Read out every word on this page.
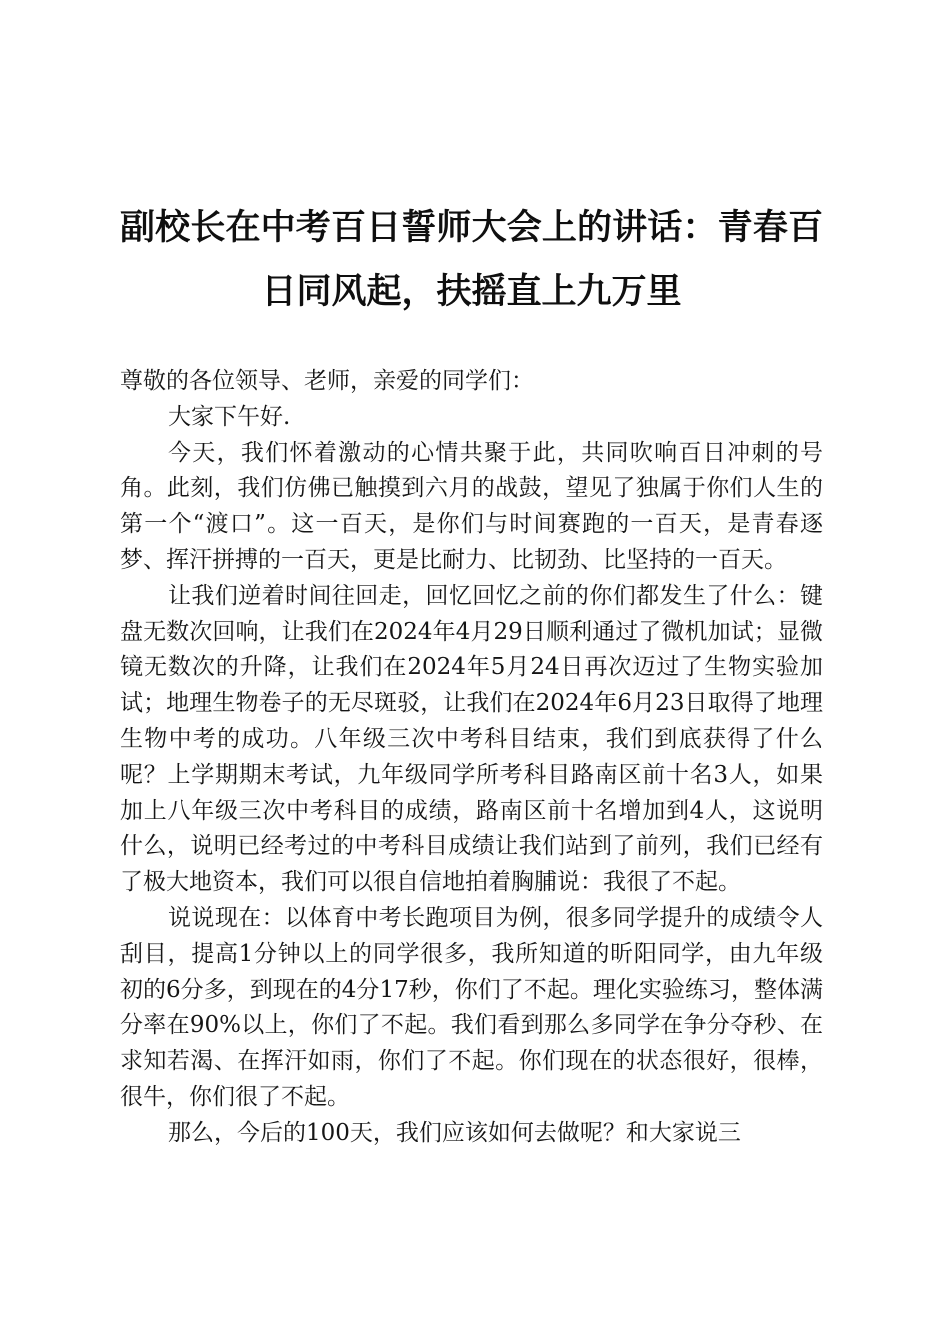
副校长在中考百日誓师大会上的讲话：青春百
日同风起，扶摇直上九万里

尊敬的各位领导、老师，亲爱的同学们：

大家下午好.

今天，我们怀着激动的心情共聚于此，共同吹响百日冲刺的号角。此刻，我们仿佛已触摸到六月的战鼓，望见了独属于你们人生的第一个“渡口”。这一百天，是你们与时间赛跑的一百天，是青春逐梦、挥汗拼搏的一百天，更是比耐力、比韧劲、比坚持的一百天。

让我们逆着时间往回走，回忆回忆之前的你们都发生了什么：键盘无数次回响，让我们在2024年4月29日顺利通过了微机加试；显微镜无数次的升降，让我们在2024年5月24日再次迈过了生物实验加试；地理生物卷子的无尽斑驳，让我们在2024年6月23日取得了地理生物中考的成功。八年级三次中考科目结束，我们到底获得了什么呢？上学期期末考试，九年级同学所考科目路南区前十名3人，如果加上八年级三次中考科目的成绩，路南区前十名增加到4人，这说明什么，说明已经考过的中考科目成绩让我们站到了前列，我们已经有了极大地资本，我们可以很自信地拍着胸脯说：我很了不起。

说说现在：以体育中考长跑项目为例，很多同学提升的成绩令人刮目，提高1分钟以上的同学很多，我所知道的昕阳同学，由九年级初的6分多，到现在的4分17秒，你们了不起。理化实验练习，整体满分率在90%以上，你们了不起。我们看到那么多同学在争分夺秒、在求知若渴、在挥汗如雨，你们了不起。你们现在的状态很好，很棒，很牛，你们很了不起。

那么，今后的100天，我们应该如何去做呢？和大家说三
